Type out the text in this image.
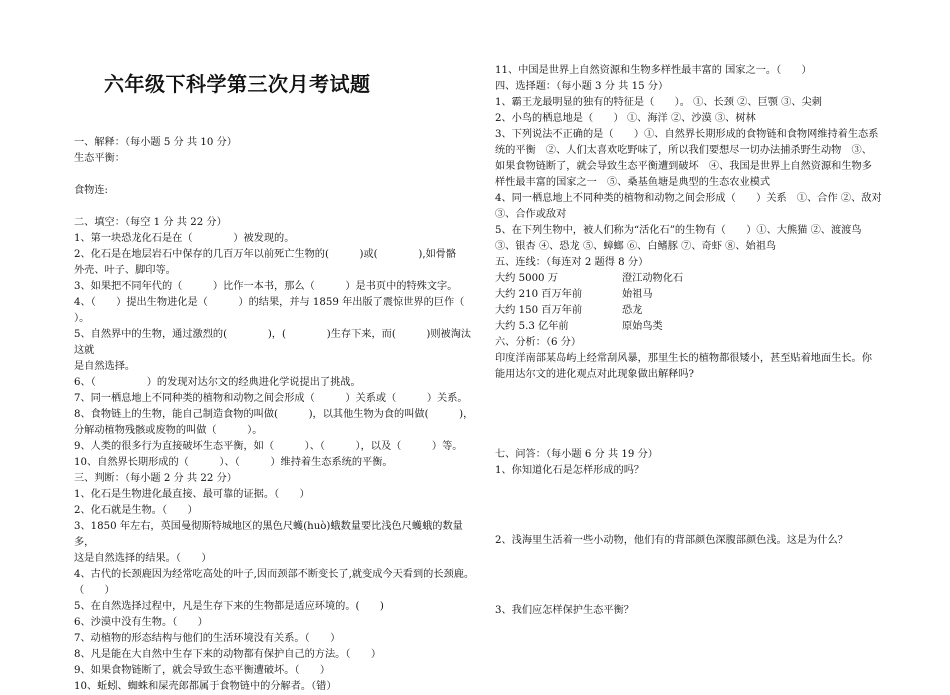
六年级下科学第三次月考试题

一、解释：（每小题 5 分 共 10 分）

生态平衡：

食物连:

二、填空：（每空 1 分 共 22 分）

1、第一块恐龙化石是在（　　　　）被发现的。

2、化石是在地层岩石中保存的几百万年以前死亡生物的(　　　)或(　　　　),如骨骼

外壳、叶子、脚印等。

3、如果把不同年代的（　　　）比作一本书，那么（　　　）是书页中的特殊文字。

4、（　　）提出生物进化是（　　　）的结果，并与 1859 年出版了震惊世界的巨作（　　

）。

5、自然界中的生物，通过激烈的(　　　　)，(　　　　)生存下来，而(　　　)则被淘汰这就

是自然选择。

6、（　　　　　）的发现对达尔文的经典进化学说提出了挑战。

7、同一栖息地上不同种类的植物和动物之间会形成（　　　）关系或（　　　）关系。

8、食物链上的生物，能自己制造食物的叫做(　　　)，以其他生物为食的叫做(　　　)，

分解动植物残骸或废物的叫做（　　　）。

9、人类的很多行为直接破坏生态平衡，如（　　　）、（　　　），以及（　　　）等。

10、自然界长期形成的（　　　）、（　　　）维持着生态系统的平衡。

三、判断：（每小题 2 分 共 22 分）

1、化石是生物进化最直接、最可靠的证据。（　　）

2、化石就是生物。（　　）

3、1850 年左右，英国曼彻斯特城地区的黑色尺蠖(huò)蛾数量要比浅色尺蠖蛾的数量多，

这是自然选择的结果。（　　）

4、古代的长颈鹿因为经常吃高处的叶子,因而颈部不断变长了,就变成今天看到的长颈鹿。（　　）

5、在自然选择过程中，凡是生存下来的生物都是适应环境的。(　　)

6、沙漠中没有生物。（　　）

7、动植物的形态结构与他们的生活环境没有关系。（　　）

8、凡是能在大自然中生存下来的动物都有保护自己的方法。（　　）

9、如果食物链断了，就会导致生态平衡遭破坏。（　　）

10、蚯蚓、蜘蛛和屎壳郎都属于食物链中的分解者。（错）

11、中国是世界上自然资源和生物多样性最丰富的 国家之一。（　　）

四、选择题：（每小题 3 分 共 15 分）

1、霸王龙最明显的独有的特征是（　　）。 ①、长颈 ②、巨颚 ③、尖刺

2、小鸟的栖息地是（　　） ①、海洋 ②、沙漠 ③、树林

3、下列说法不正确的是（　　）①、自然界长期形成的食物链和食物网维持着生态系

统的平衡　②、人们太喜欢吃野味了，所以我们要想尽一切办法捕杀野生动物　③、

如果食物链断了，就会导致生态平衡遭到破坏　④、我国是世界上自然资源和生物多

样性最丰富的国家之一　⑤、桑基鱼塘是典型的生态农业模式

4、同一栖息地上不同种类的植物和动物之间会形成（　　）关系　①、合作 ②、敌对

③、合作或敌对

5、在下列生物中，被人们称为“活化石”的生物有（　　）①、大熊猫 ②、渡渡鸟

③、银杏 ④、恐龙 ⑤、蟑螂 ⑥、白鳍豚 ⑦、奇虾 ⑧、始祖鸟

五、连线：（每连对 2 题得 8 分）

大约 5000 万	澄江动物化石
大约 210 百万年前	始祖马
大约 150 百万年前	恐龙
大约 5.3 亿年前	原始鸟类

六、分析：（6 分）

印度洋南部某岛屿上经常刮风暴，那里生长的植物都很矮小，甚至贴着地面生长。你

能用达尔文的进化观点对此现象做出解释吗?

七、问答：（每小题 6 分 共 19 分）

1、你知道化石是怎样形成的吗？

2、浅海里生活着一些小动物，他们有的背部颜色深腹部颜色浅。这是为什么？

3、我们应怎样保护生态平衡？
